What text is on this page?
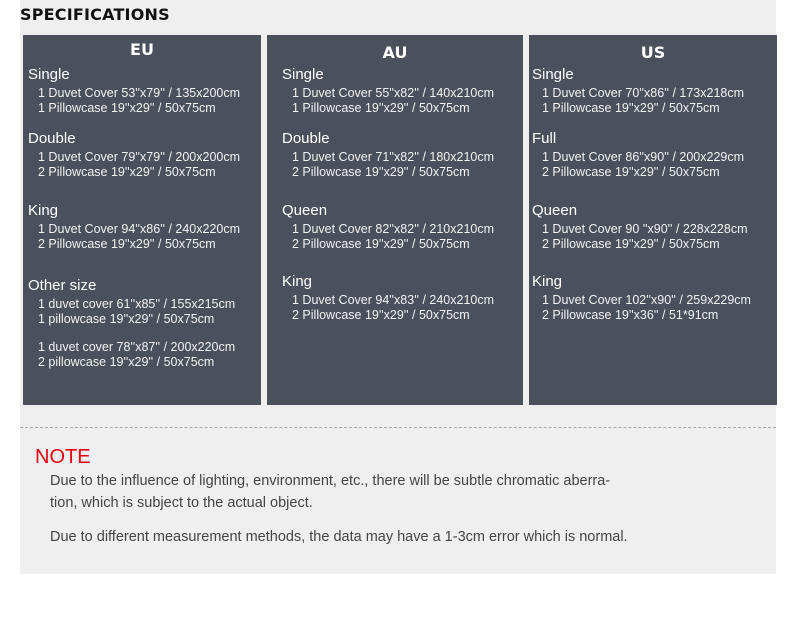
SPECIFICATIONS
EU
Single
1 Duvet Cover 53''x79'' / 135x200cm
1 Pillowcase 19''x29'' / 50x75cm
Double
1 Duvet Cover 79''x79'' / 200x200cm
2 Pillowcase 19''x29'' / 50x75cm
King
1 Duvet Cover 94''x86'' / 240x220cm
2 Pillowcase 19''x29'' / 50x75cm
Other size
1 duvet cover 61''x85'' / 155x215cm
1 pillowcase 19''x29'' / 50x75cm
1 duvet cover 78''x87'' / 200x220cm
2 pillowcase 19''x29'' / 50x75cm
AU
Single
1 Duvet Cover 55''x82'' / 140x210cm
1 Pillowcase 19''x29'' / 50x75cm
Double
1 Duvet Cover 71''x82'' / 180x210cm
2 Pillowcase 19''x29'' / 50x75cm
Queen
1 Duvet Cover 82''x82'' / 210x210cm
2 Pillowcase 19''x29'' / 50x75cm
King
1 Duvet Cover 94''x83'' / 240x210cm
2 Pillowcase 19''x29'' / 50x75cm
US
Single
1 Duvet Cover 70''x86'' / 173x218cm
1 Pillowcase 19''x29'' / 50x75cm
Full
1 Duvet Cover 86''x90'' / 200x229cm
2 Pillowcase 19''x29'' / 50x75cm
Queen
1 Duvet Cover 90 ''x90'' / 228x228cm
2 Pillowcase 19''x29'' / 50x75cm
King
1 Duvet Cover 102''x90'' / 259x229cm
2 Pillowcase 19''x36'' / 51*91cm
NOTE

Due to the influence of lighting, environment, etc., there will be subtle chromatic aberra-

tion, which is subject to the actual object.

Due to different measurement methods, the data may have a 1-3cm error which is normal.
